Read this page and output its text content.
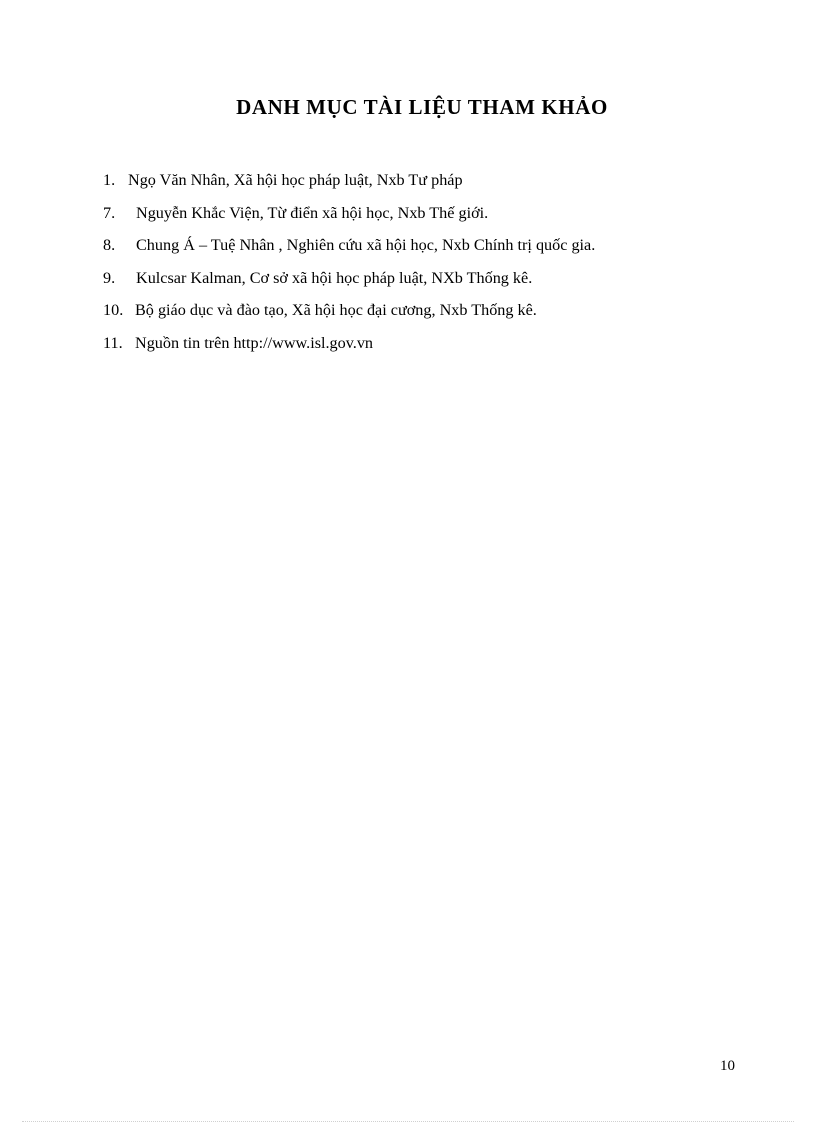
DANH MỤC TÀI LIỆU THAM KHẢO
1. Ngọ Văn Nhân, Xã hội học pháp luật, Nxb Tư pháp
7. Nguyễn Khắc Viện, Từ điển xã hội học, Nxb Thế giới.
8. Chung Á – Tuệ Nhân , Nghiên cứu xã hội học, Nxb Chính trị quốc gia.
9. Kulcsar Kalman, Cơ sở xã hội học pháp luật, NXb Thống kê.
10. Bộ giáo dục và đào tạo, Xã hội học đại cương, Nxb Thống kê.
11. Nguồn tin trên http://www.isl.gov.vn
10
